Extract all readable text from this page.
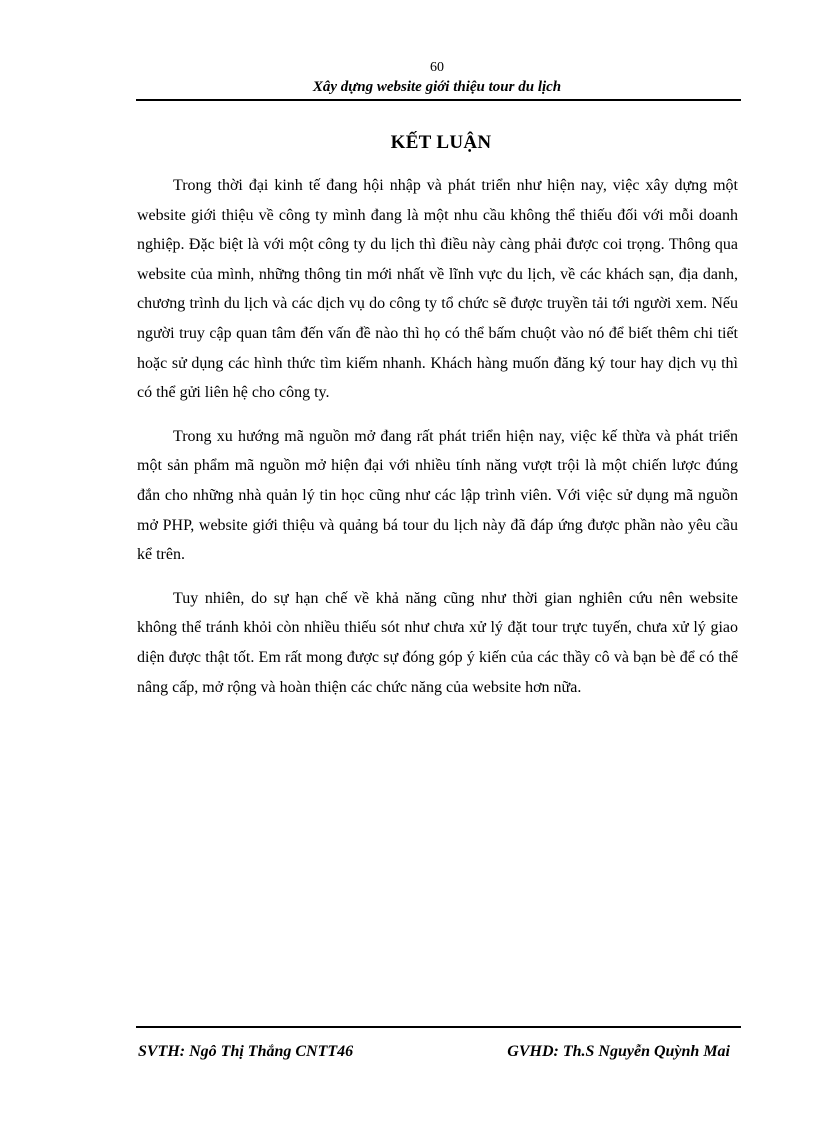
60
Xây dựng website giới thiệu tour du lịch
KẾT LUẬN

Trong thời đại kinh tế đang hội nhập và phát triển như hiện nay, việc xây dựng một website giới thiệu về công ty mình đang là một nhu cầu không thể thiếu đối với mỗi doanh nghiệp. Đặc biệt là với một công ty du lịch thì điều này càng phải được coi trọng. Thông qua website của mình, những thông tin mới nhất về lĩnh vực du lịch, về các khách sạn, địa danh, chương trình du lịch và các dịch vụ do công ty tổ chức sẽ được truyền tải tới người xem. Nếu người truy cập quan tâm đến vấn đề nào thì họ có thể bấm chuột vào nó để biết thêm chi tiết hoặc sử dụng các hình thức tìm kiếm nhanh. Khách hàng muốn đăng ký tour hay dịch vụ thì có thể gửi liên hệ cho công ty.

Trong xu hướng mã nguồn mở đang rất phát triển hiện nay, việc kế thừa và phát triển một sản phẩm mã nguồn mở hiện đại với nhiều tính năng vượt trội là một chiến lược đúng đắn cho những nhà quản lý tin học cũng như các lập trình viên. Với việc sử dụng mã nguồn mở PHP, website giới thiệu và quảng bá tour du lịch này đã đáp ứng được phần nào yêu cầu kể trên.

Tuy nhiên, do sự hạn chế về khả năng cũng như thời gian nghiên cứu nên website không thể tránh khỏi còn nhiều thiếu sót như chưa xử lý đặt tour trực tuyến, chưa xử lý giao diện được thật tốt. Em rất mong được sự đóng góp ý kiến của các thầy cô và bạn bè để có thể nâng cấp, mở rộng và hoàn thiện các chức năng của website hơn nữa.

SVTH: Ngô Thị Thắng CNTT46	GVHD: Th.S Nguyễn Quỳnh Mai
